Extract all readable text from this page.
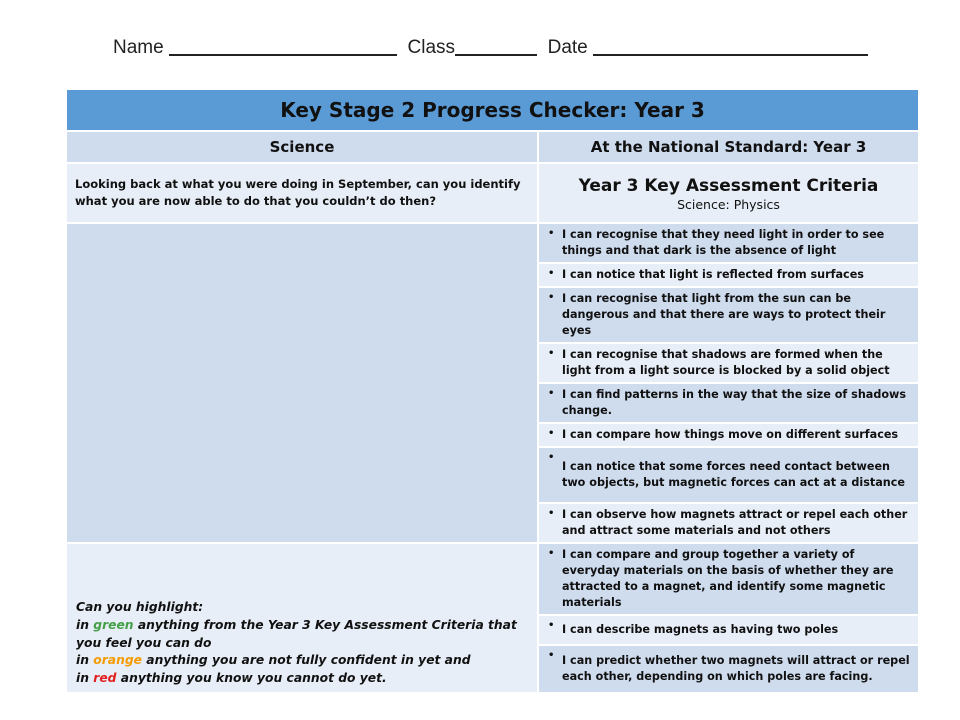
Name	Class	Date
Key Stage 2 Progress Checker: Year 3	
Science	At the National Standard: Year 3
Looking back at what you were doing in September, can you identify what you are now able to do that you couldn’t do then?	Year 3 Key Assessment Criteria
Science: Physics

	• I can recognise that they need light in order to see things and that dark is the absence of light

	• I can notice that light is reflected from surfaces

	• I can recognise that light from the sun can be dangerous and that there are ways to protect their eyes

	• I can recognise that shadows are formed when the light from a light source is blocked by a solid object

	• I can find patterns in the way that the size of shadows change.

	• I can compare how things move on different surfaces

	•
I can notice that some forces need contact between two objects, but magnetic forces can act at a distance

	• I can observe how magnets attract or repel each other and attract some materials and not others

Can you highlight:
in green anything from the Year 3 Key Assessment Criteria that you feel you can do
in orange anything you are not fully confident in yet and
in red anything you know you cannot do yet.	• I can compare and group together a variety of everyday materials on the basis of whether they are attracted to a magnet, and identify some magnetic materials

	• I can describe magnets as having two poles

	• I can predict whether two magnets will attract or repel each other, depending on which poles are facing.
